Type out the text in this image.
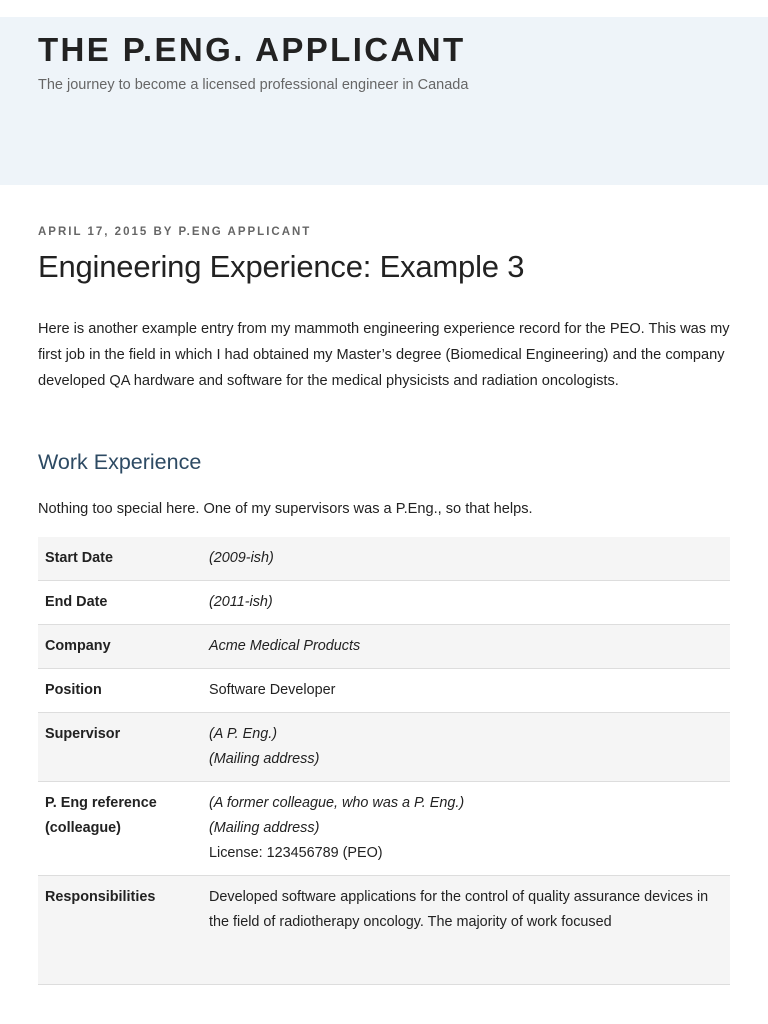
THE P.ENG. APPLICANT

The journey to become a licensed professional engineer in Canada

APRIL 17, 2015 BY P.ENG APPLICANT
Engineering Experience: Example 3

Here is another example entry from my mammoth engineering experience record for the PEO. This was my first job in the field in which I had obtained my Master’s degree (Biomedical Engineering) and the company developed QA hardware and software for the medical physicists and radiation oncologists.

Work Experience

Nothing too special here. One of my supervisors was a P.Eng., so that helps.

Start Date	(2009-ish)

End Date	(2011-ish)

Company	Acme Medical Products

Position	Software Developer

Supervisor	(A P. Eng.)
(Mailing address)

P. Eng reference (colleague)	(A former colleague, who was a P. Eng.)
(Mailing address)
License: 123456789 (PEO)

Responsibilities	Developed software applications for the control of quality assurance devices in the field of radiotherapy oncology. The majority of work focused
